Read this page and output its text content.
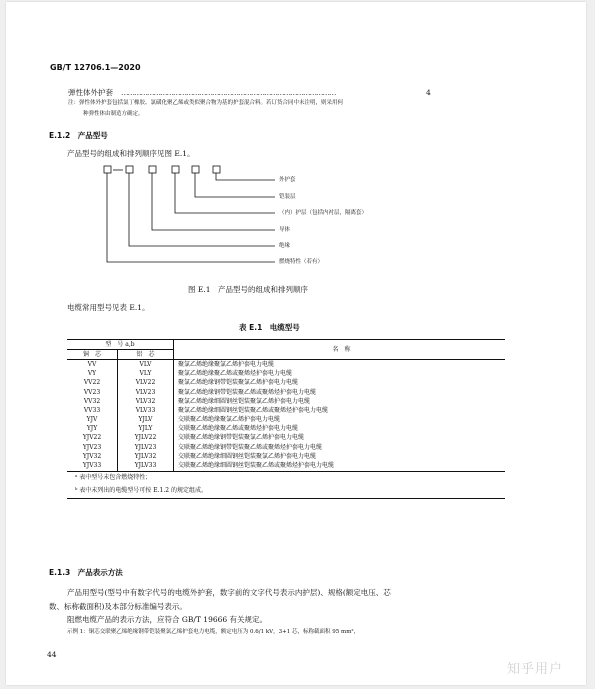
GB/T 12706.1—2020
弹性体外护套 ………………………………………………………………………………………	4
注：弹性体外护套包括氯丁橡胶、氯磺化聚乙烯或类似聚合物为基的护套混合料。若订货合同中未注明，则采用何
种弹性体由制造方确定。
E.1.2　产品型号
产品型号的组成和排列顺序见图 E.1。
外护套
铠装层
（内）护层（包括内衬层，隔离套）
导体
绝缘
燃烧特性（若有）
图 E.1　产品型号的组成和排列顺序
电缆常用型号见表 E.1。
表 E.1　电缆型号
型　号 a,b		名　称
铜　芯	铝　芯	
VV	VLV	聚氯乙烯绝缘聚氯乙烯护套电力电缆
VY	VLY	聚氯乙烯绝缘聚乙烯或聚烯烃护套电力电缆
VV22	VLV22	聚氯乙烯绝缘钢带铠装聚氯乙烯护套电力电缆
VV23	VLV23	聚氯乙烯绝缘钢带铠装聚乙烯或聚烯烃护套电力电缆
VV32	VLV32	聚氯乙烯绝缘细圆钢丝铠装聚氯乙烯护套电力电缆
VV33	VLV33	聚氯乙烯绝缘细圆钢丝铠装聚乙烯或聚烯烃护套电力电缆
YJV	YJLV	交联聚乙烯绝缘聚氯乙烯护套电力电缆
YJY	YJLY	交联聚乙烯绝缘聚乙烯或聚烯烃护套电力电缆
YJV22	YJLV22	交联聚乙烯绝缘钢带铠装聚氯乙烯护套电力电缆
YJV23	YJLV23	交联聚乙烯绝缘钢带铠装聚乙烯或聚烯烃护套电力电缆
YJV32	YJLV32	交联聚乙烯绝缘细圆钢丝铠装聚氯乙烯护套电力电缆
YJV33	YJLV33	交联聚乙烯绝缘细圆钢丝铠装聚乙烯或聚烯烃护套电力电缆
ᵃ 表中型号未包含燃烧特性；		
ᵇ 表中未列出的电缆型号可按 E.1.2 的规定组成。		
E.1.3　产品表示方法
产品用型号(型号中有数字代号的电缆外护套，数字前的文字代号表示内护层)、规格(额定电压、芯
数、标称截面积)及本部分标准编号表示。
阻燃电缆产品的表示方法，应符合 GB/T 19666 有关规定。
示例 1：铜芯交联聚乙烯绝缘钢带铠装聚氯乙烯护套电力电缆，额定电压为 0.6/1 kV，3+1 芯，标称截面积 95 mm²，
44
知乎用户
